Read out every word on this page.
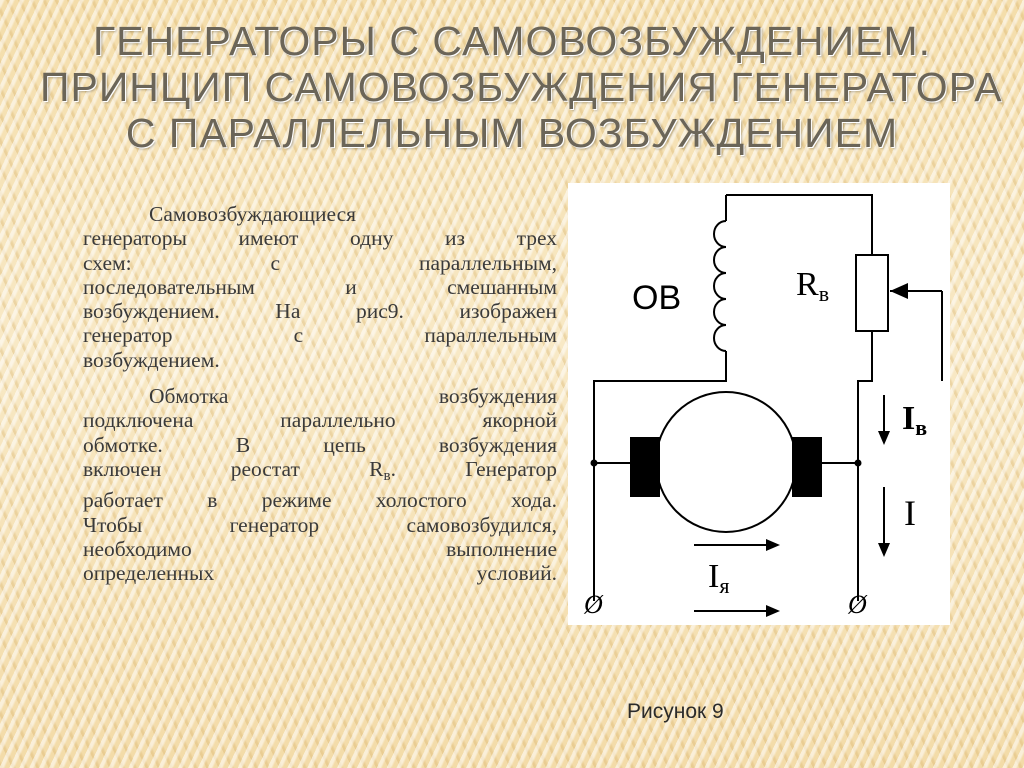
ГЕНЕРАТОРЫ С САМОВОЗБУЖДЕНИЕМ.
ПРИНЦИП САМОВОЗБУЖДЕНИЯ ГЕНЕРАТОРА
С ПАРАЛЛЕЛЬНЫМ ВОЗБУЖДЕНИЕМ
Самовозбуждающиеся
генераторы имеют одну из трех
схем: с параллельным,
последовательным и смешанным
возбуждением. На рис9. изображен
генератор с параллельным
возбуждением.
Обмотка возбуждения
подключена параллельно якорной
обмотке. В цепь возбуждения
включен реостат $R_в$. Генератор
работает в режиме холостого хода.
Чтобы генератор самовозбудился,
необходимо выполнение
определенных условий.
ОВ	Rв
Iв
I
Iя
Ø	Ø
Рисунок 9
